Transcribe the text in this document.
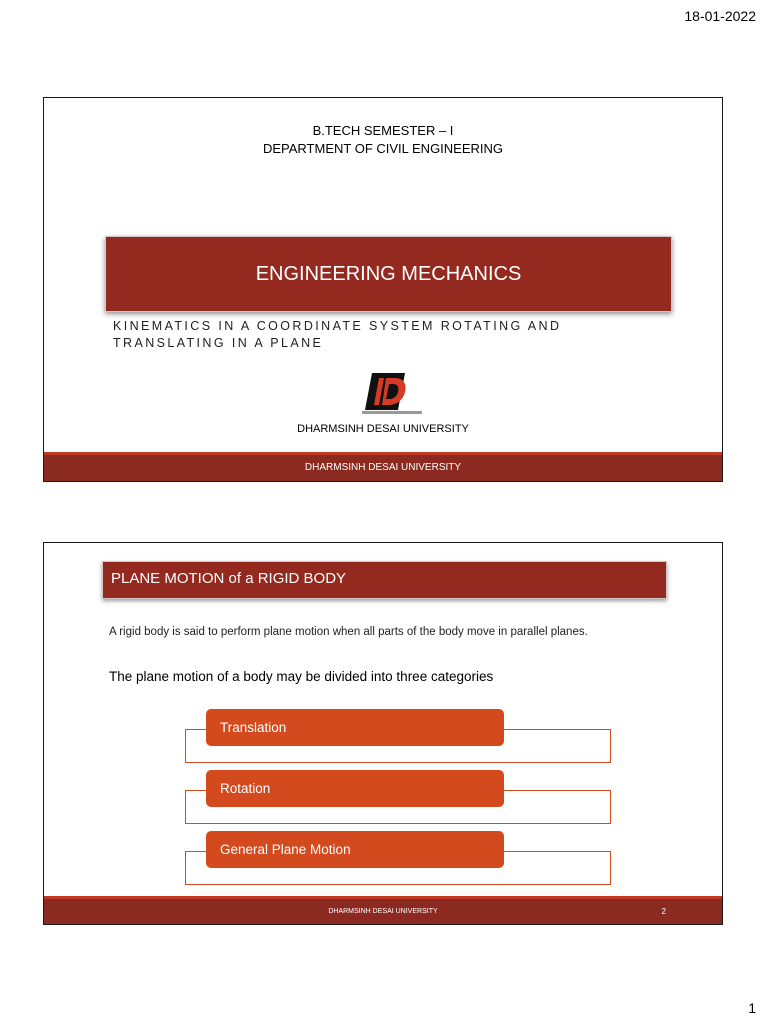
18-01-2022
B.TECH SEMESTER – I
DEPARTMENT OF CIVIL ENGINEERING
ENGINEERING MECHANICS
KINEMATICS IN A COORDINATE SYSTEM ROTATING AND TRANSLATING IN A PLANE
DHARMSINH DESAI UNIVERSITY
DHARMSINH DESAI UNIVERSITY
PLANE MOTION of a RIGID BODY
A rigid body is said to perform plane motion when all parts of the body move in parallel planes.
The plane motion of a body may be divided into three categories
Translation
Rotation
General Plane Motion
DHARMSINH DESAI UNIVERSITY	2
1
